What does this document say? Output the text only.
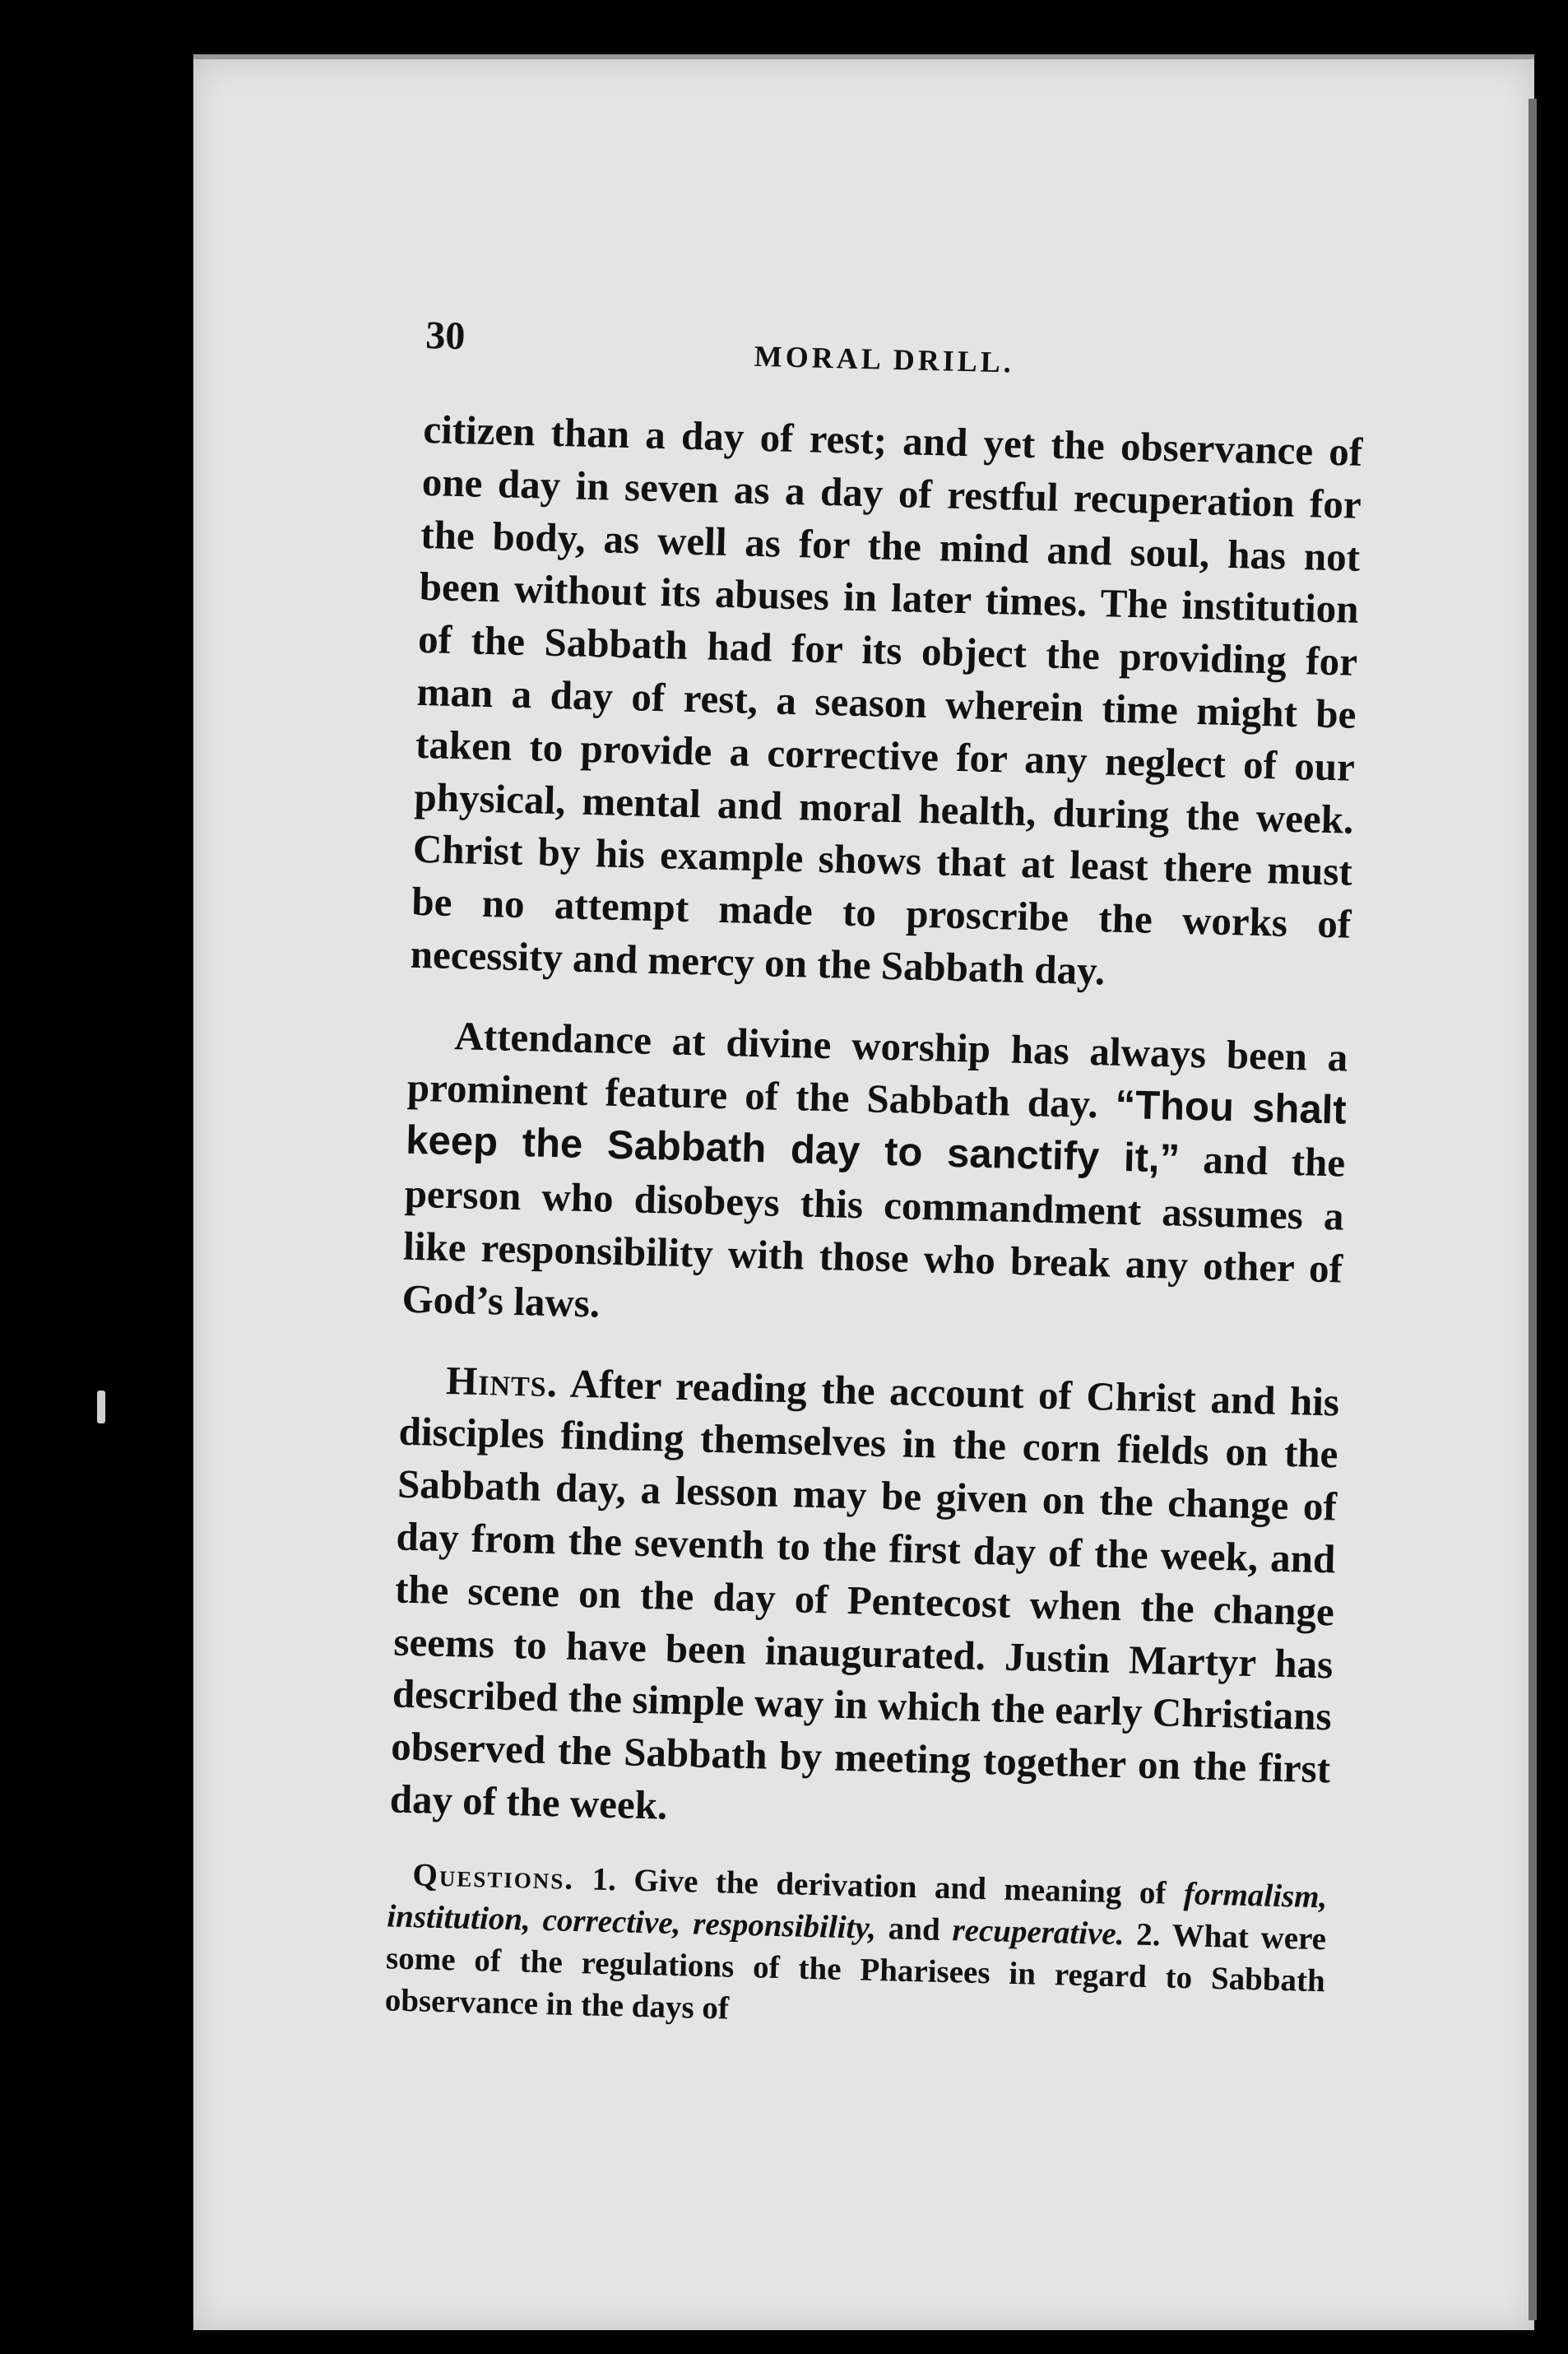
30
MORAL DRILL.

citizen than a day of rest; and yet the observance of one day in seven as a day of restful recuperation for the body, as well as for the mind and soul, has not been without its abuses in later times. The institution of the Sabbath had for its object the providing for man a day of rest, a season wherein time might be taken to provide a corrective for any neglect of our physical, mental and moral health, during the week. Christ by his example shows that at least there must be no attempt made to proscribe the works of necessity and mercy on the Sabbath day.

Attendance at divine worship has always been a prominent feature of the Sabbath day. “Thou shalt keep the Sabbath day to sanctify it,” and the person who disobeys this commandment assumes a like responsibility with those who break any other of God’s laws.

Hints. After reading the account of Christ and his disciples finding themselves in the corn fields on the Sabbath day, a lesson may be given on the change of day from the seventh to the first day of the week, and the scene on the day of Pentecost when the change seems to have been inaugurated. Justin Martyr has described the simple way in which the early Christians observed the Sabbath by meeting together on the first day of the week.

Questions. 1. Give the derivation and meaning of formalism, institution, corrective, responsibility, and recuperative. 2. What were some of the regulations of the Pharisees in regard to Sabbath observance in the days of
